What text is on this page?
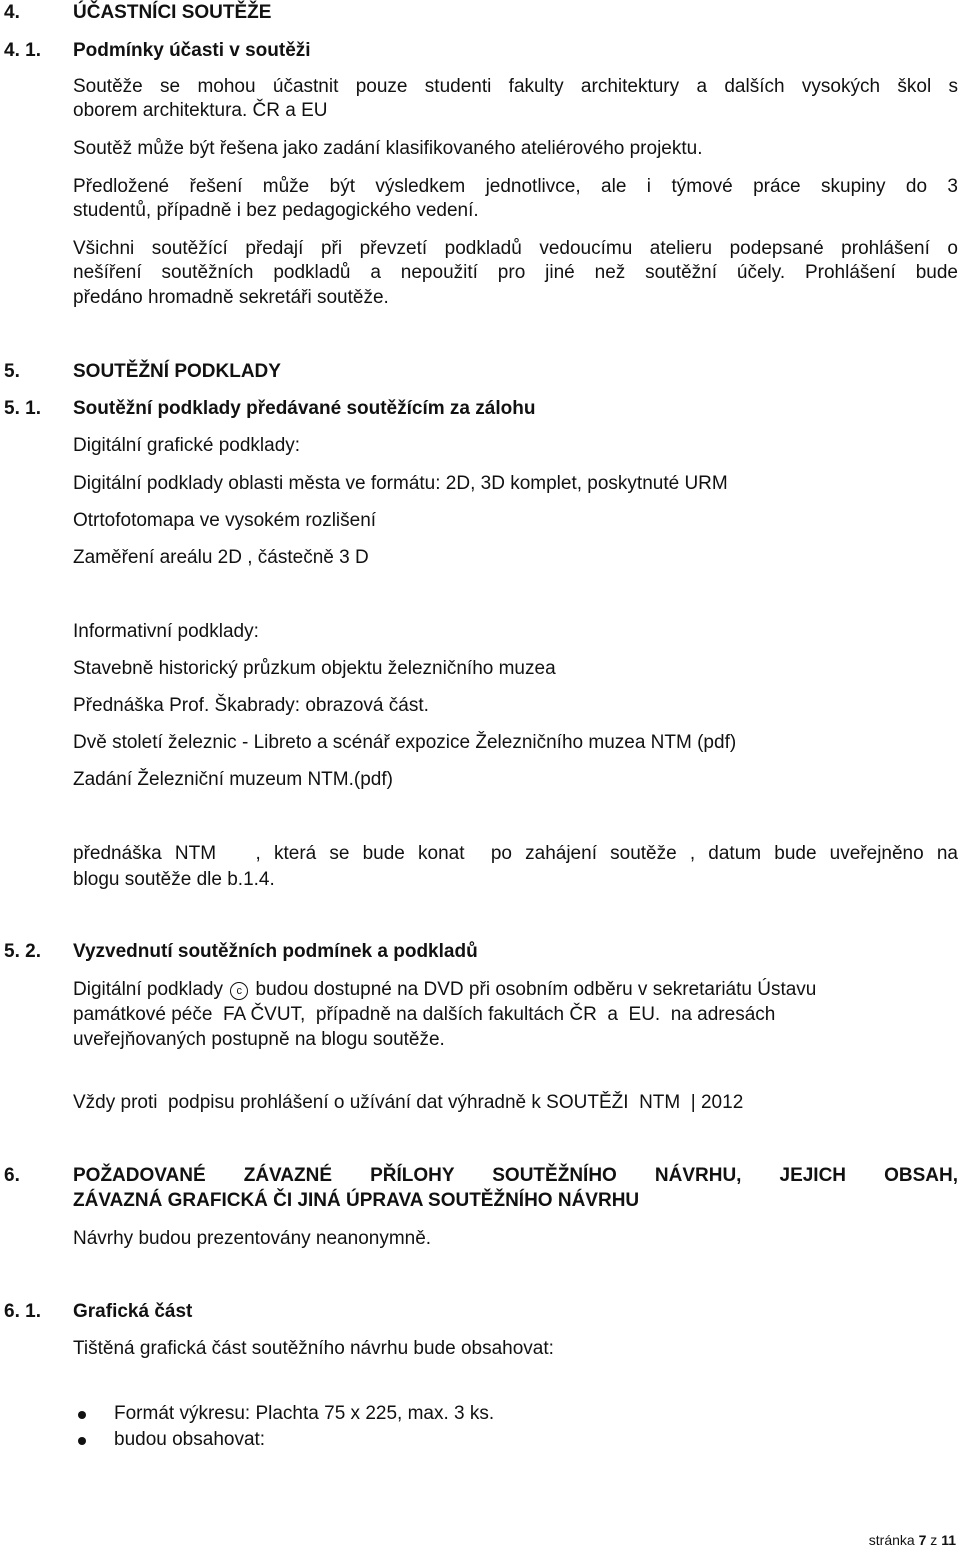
4.	ÚČASTNÍCI SOUTĚŽE
4. 1. Podmínky účasti v soutěži
Soutěže se mohou účastnit pouze studenti fakulty architektury a dalších vysokých škol s
oborem architektura. ČR a EU
Soutěž může být řešena jako zadání klasifikovaného ateliérového projektu.
Předložené řešení může být výsledkem jednotlivce, ale i týmové práce skupiny do 3
studentů, případně i bez pedagogického vedení.
Všichni soutěžící předají při převzetí podkladů vedoucímu atelieru podepsané prohlášení o
nešíření soutěžních podkladů a nepoužití pro jiné než soutěžní účely. Prohlášení bude
předáno hromadně sekretáři soutěže.
5.	SOUTĚŽNÍ PODKLADY
5. 1. Soutěžní podklady předávané soutěžícím za zálohu
Digitální grafické podklady:
Digitální podklady oblasti města ve formátu: 2D, 3D komplet, poskytnuté URM
Otrtofotomapa ve vysokém rozlišení
Zaměření areálu 2D , částečně 3 D
Informativní podklady:
Stavebně historický průzkum objektu železničního muzea
Přednáška Prof. Škabrady: obrazová část.
Dvě století železnic - Libreto a scénář expozice Železničního muzea NTM (pdf)
Zadání Železniční muzeum NTM.(pdf)
přednáška NTM   , která se bude konat  po zahájení soutěže , datum bude uveřejněno na
blogu soutěže dle b.1.4.
5. 2. Vyzvednutí soutěžních podmínek a podkladů
Digitální podklady c budou dostupné na DVD při osobním odběru v sekretariátu Ústavu
památkové péče  FA ČVUT,  případně na dalších fakultách ČR  a  EU.  na adresách
uveřejňovaných postupně na blogu soutěže.
Vždy proti  podpisu prohlášení o užívání dat výhradně k SOUTĚŽI  NTM  | 2012
6.	POŽADOVANÉ  ZÁVAZNÉ  PŘÍLOHY  SOUTĚŽNÍHO  NÁVRHU,  JEJICH  OBSAH,
ZÁVAZNÁ GRAFICKÁ ČI JINÁ ÚPRAVA SOUTĚŽNÍHO NÁVRHU
Návrhy budou prezentovány neanonymně.
6. 1. Grafická část
Tištěná grafická část soutěžního návrhu bude obsahovat:
Formát výkresu: Plachta 75 x 225, max. 3 ks.
budou obsahovat:
stránka 7 z 11
